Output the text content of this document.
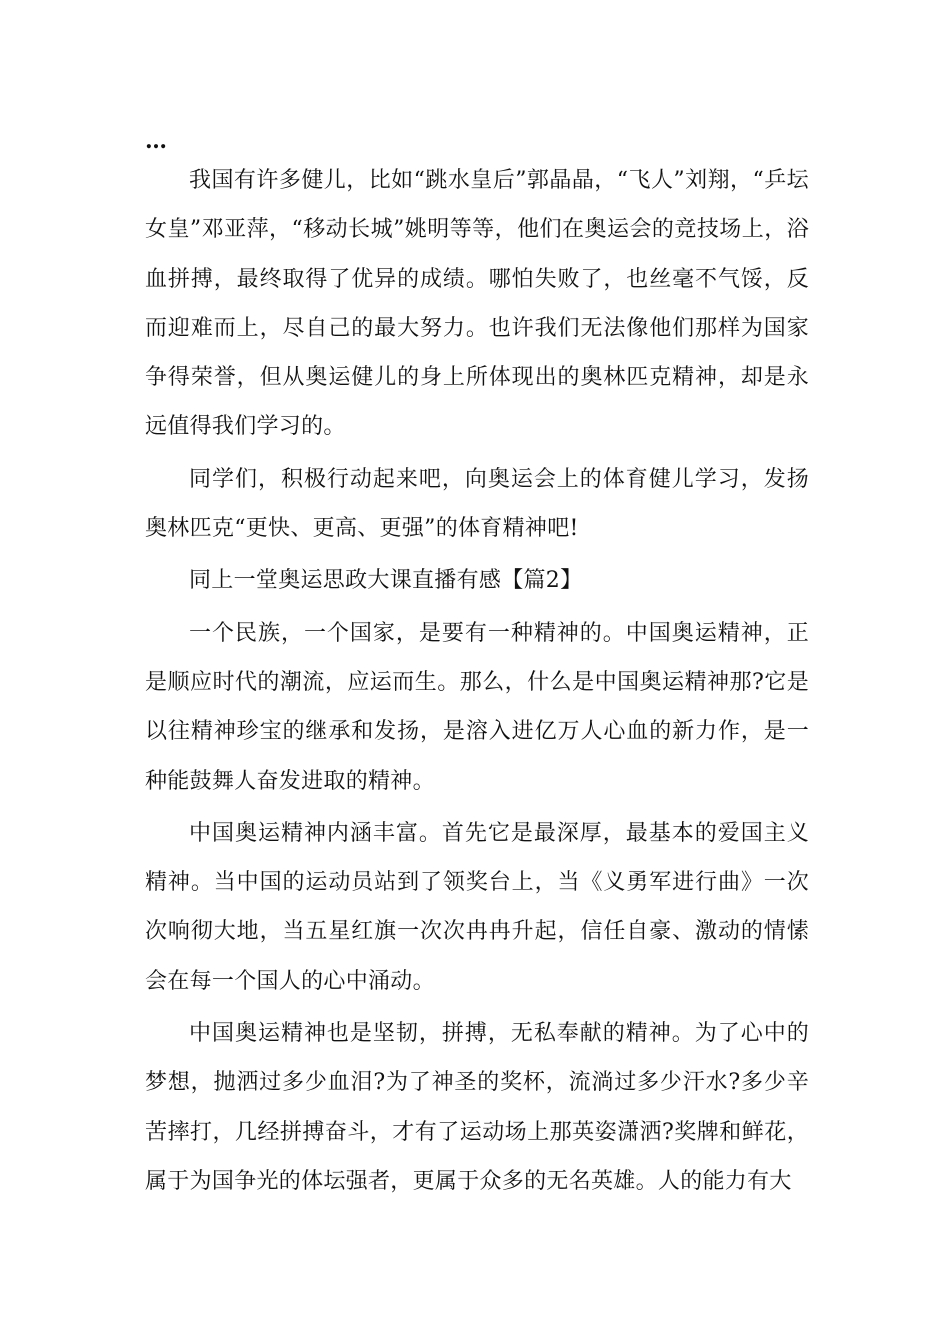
…

我国有许多健儿，比如“跳水皇后”郭晶晶，“飞人”刘翔，“乒坛女皇”邓亚萍，“移动长城”姚明等等，他们在奥运会的竞技场上，浴血拼搏，最终取得了优异的成绩。哪怕失败了，也丝毫不气馁，反而迎难而上，尽自己的最大努力。也许我们无法像他们那样为国家争得荣誉，但从奥运健儿的身上所体现出的奥林匹克精神，却是永远值得我们学习的。

同学们，积极行动起来吧，向奥运会上的体育健儿学习，发扬奥林匹克“更快、更高、更强”的体育精神吧!

同上一堂奥运思政大课直播有感【篇2】

一个民族，一个国家，是要有一种精神的。中国奥运精神，正是顺应时代的潮流，应运而生。那么，什么是中国奥运精神那?它是以往精神珍宝的继承和发扬，是溶入进亿万人心血的新力作，是一种能鼓舞人奋发进取的精神。

中国奥运精神内涵丰富。首先它是最深厚，最基本的爱国主义精神。当中国的运动员站到了领奖台上，当《义勇军进行曲》一次次响彻大地，当五星红旗一次次冉冉升起，信任自豪、激动的情愫会在每一个国人的心中涌动。

中国奥运精神也是坚韧，拼搏，无私奉献的精神。为了心中的梦想，抛洒过多少血泪?为了神圣的奖杯，流淌过多少汗水?多少辛苦摔打，几经拼搏奋斗，才有了运动场上那英姿潇洒?奖牌和鲜花，属于为国争光的体坛强者，更属于众多的无名英雄。人的能力有大
